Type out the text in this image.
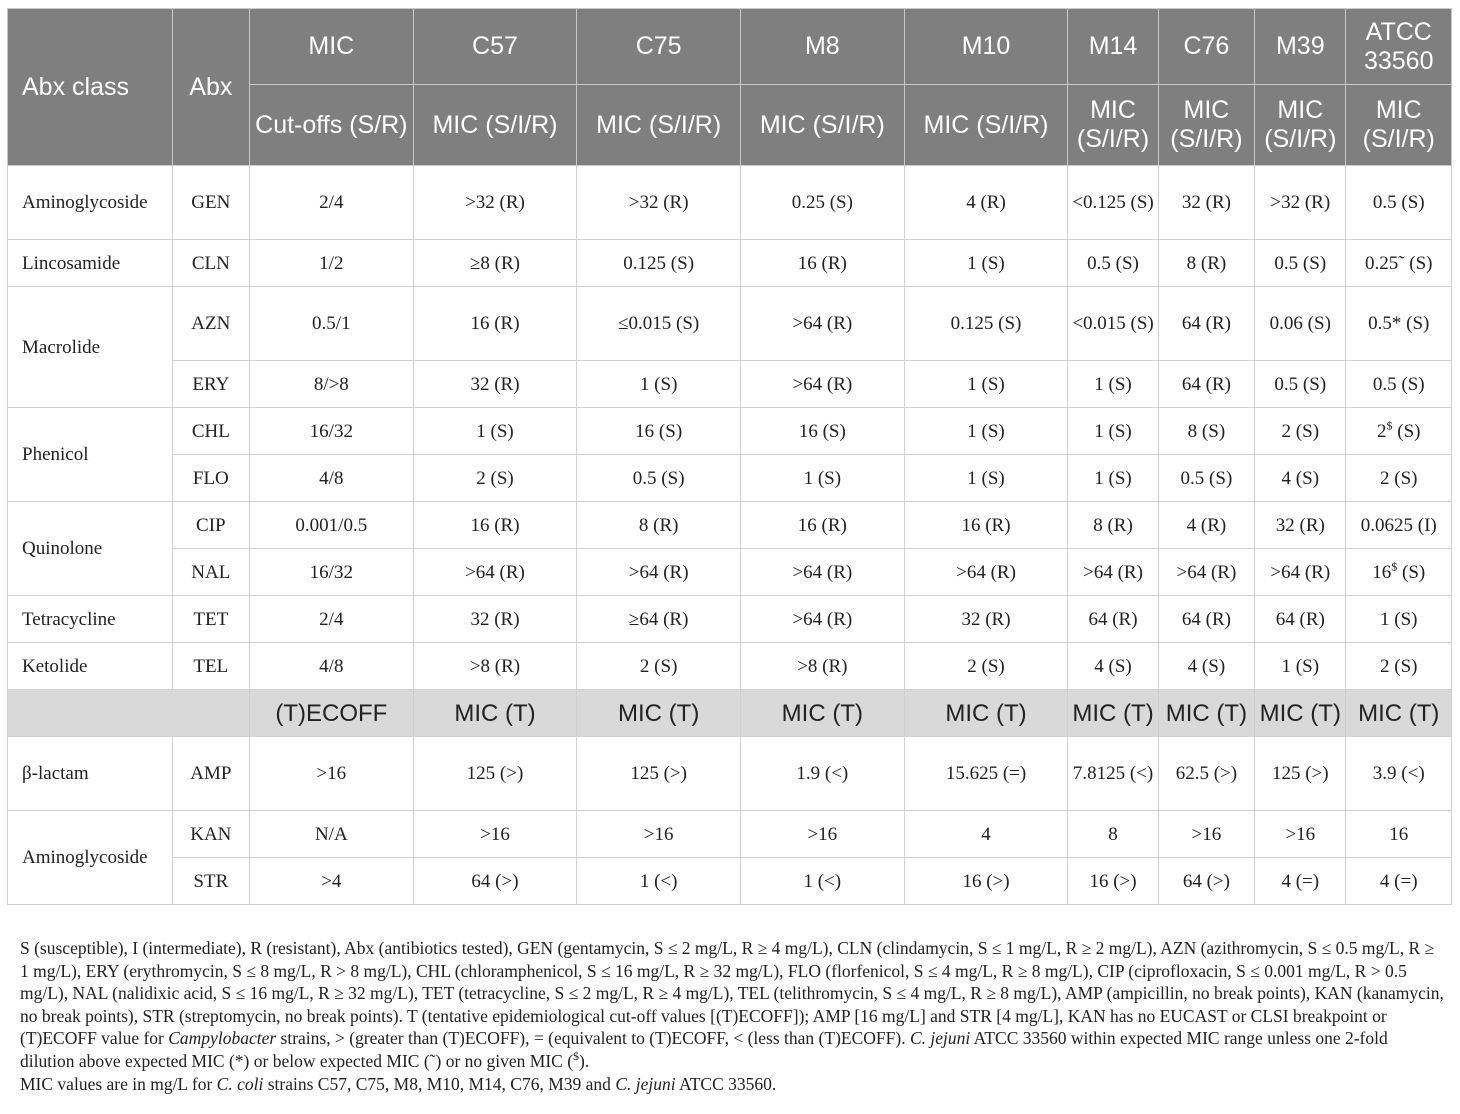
Abx class	Abx	MIC	C57	C75	M8	M10	M14	C76	M39	ATCC 33560
		Cut-offs (S/R)	MIC (S/I/R)	MIC (S/I/R)	MIC (S/I/R)	MIC (S/I/R)	MIC (S/I/R)	MIC (S/I/R)	MIC (S/I/R)	MIC (S/I/R)
Aminoglycoside	GEN	2/4	>32 (R)	>32 (R)	0.25 (S)	4 (R)	<0.125 (S)	32 (R)	>32 (R)	0.5 (S)
Lincosamide	CLN	1/2	≥8 (R)	0.125 (S)	16 (R)	1 (S)	0.5 (S)	8 (R)	0.5 (S)	0.25˜ (S)
Macrolide	AZN	0.5/1	16 (R)	≤0.015 (S)	>64 (R)	0.125 (S)	<0.015 (S)	64 (R)	0.06 (S)	0.5* (S)
	ERY	8/>8	32 (R)	1 (S)	>64 (R)	1 (S)	1 (S)	64 (R)	0.5 (S)	0.5 (S)
Phenicol	CHL	16/32	1 (S)	16 (S)	16 (S)	1 (S)	1 (S)	8 (S)	2 (S)	2$ (S)
	FLO	4/8	2 (S)	0.5 (S)	1 (S)	1 (S)	1 (S)	0.5 (S)	4 (S)	2 (S)
Quinolone	CIP	0.001/0.5	16 (R)	8 (R)	16 (R)	16 (R)	8 (R)	4 (R)	32 (R)	0.0625 (I)
	NAL	16/32	>64 (R)	>64 (R)	>64 (R)	>64 (R)	>64 (R)	>64 (R)	>64 (R)	16$ (S)
Tetracycline	TET	2/4	32 (R)	≥64 (R)	>64 (R)	32 (R)	64 (R)	64 (R)	64 (R)	1 (S)
Ketolide	TEL	4/8	>8 (R)	2 (S)	>8 (R)	2 (S)	4 (S)	4 (S)	1 (S)	2 (S)
		(T)ECOFF	MIC (T)	MIC (T)	MIC (T)	MIC (T)	MIC (T)	MIC (T)	MIC (T)	MIC (T)
β-lactam	AMP	>16	125 (>)	125 (>)	1.9 (<)	15.625 (=)	7.8125 (<)	62.5 (>)	125 (>)	3.9 (<)
Aminoglycoside	KAN	N/A	>16	>16	>16	4	8	>16	>16	16
	STR	>4	64 (>)	1 (<)	1 (<)	16 (>)	16 (>)	64 (>)	4 (=)	4 (=)

S (susceptible), I (intermediate), R (resistant), Abx (antibiotics tested), GEN (gentamycin, S ≤ 2 mg/L, R ≥ 4 mg/L), CLN (clindamycin, S ≤ 1 mg/L, R ≥ 2 mg/L), AZN (azithromycin, S ≤ 0.5 mg/L, R ≥ 1 mg/L), ERY (erythromycin, S ≤ 8 mg/L, R > 8 mg/L), CHL (chloramphenicol, S ≤ 16 mg/L, R ≥ 32 mg/L), FLO (florfenicol, S ≤ 4 mg/L, R ≥ 8 mg/L), CIP (ciprofloxacin, S ≤ 0.001 mg/L, R > 0.5 mg/L), NAL (nalidixic acid, S ≤ 16 mg/L, R ≥ 32 mg/L), TET (tetracycline, S ≤ 2 mg/L, R ≥ 4 mg/L), TEL (telithromycin, S ≤ 4 mg/L, R ≥ 8 mg/L), AMP (ampicillin, no break points), KAN (kanamycin, no break points), STR (streptomycin, no break points). T (tentative epidemiological cut-off values [(T)ECOFF]); AMP [16 mg/L] and STR [4 mg/L], KAN has no EUCAST or CLSI breakpoint or (T)ECOFF value for Campylobacter strains, > (greater than (T)ECOFF), = (equivalent to (T)ECOFF, < (less than (T)ECOFF). C. jejuni ATCC 33560 within expected MIC range unless one 2-fold dilution above expected MIC (*) or below expected MIC (˜) or no given MIC ($).

MIC values are in mg/L for C. coli strains C57, C75, M8, M10, M14, C76, M39 and C. jejuni ATCC 33560.
